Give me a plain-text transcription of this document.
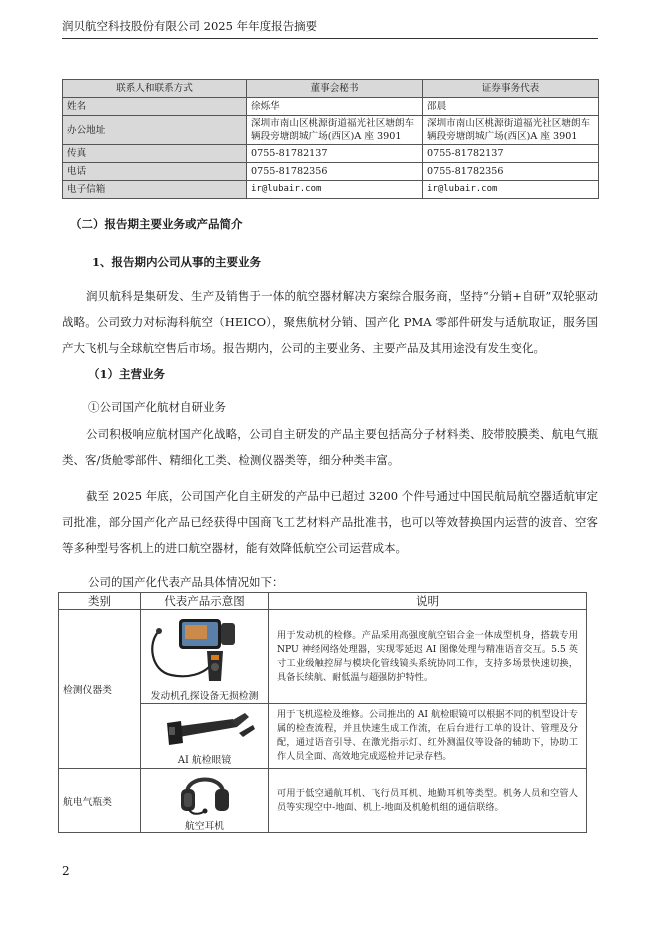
润贝航空科技股份有限公司 2025 年年度报告摘要
联系人和联系方式	董事会秘书	证券事务代表
姓名	徐烁华	邵晨
办公地址	深圳市南山区桃源街道福光社区塘朗车辆段旁塘朗城广场(西区)A 座 3901	深圳市南山区桃源街道福光社区塘朗车辆段旁塘朗城广场(西区)A 座 3901
传真	0755-81782137	0755-81782137
电话	0755-81782356	0755-81782356
电子信箱	ir@lubair.com	ir@lubair.com
（二）报告期主要业务或产品简介
1、报告期内公司从事的主要业务

润贝航科是集研发、生产及销售于一体的航空器材解决方案综合服务商，坚持“分销+自研”双轮驱动战略。公司致力对标海科航空（HEICO），聚焦航材分销、国产化 PMA 零部件研发与适航取证，服务国产大飞机与全球航空售后市场。报告期内，公司的主要业务、主要产品及其用途没有发生变化。

（1）主营业务
①公司国产化航材自研业务

公司积极响应航材国产化战略，公司自主研发的产品主要包括高分子材料类、胶带胶膜类、航电气瓶类、客/货舱零部件、精细化工类、检测仪器类等，细分种类丰富。

截至 2025 年底，公司国产化自主研发的产品中已超过 3200 个件号通过中国民航局航空器适航审定司批准，部分国产化产品已经获得中国商飞工艺材料产品批准书，也可以等效替换国内运营的波音、空客等多种型号客机上的进口航空器材，能有效降低航空公司运营成本。

公司的国产化代表产品具体情况如下：
类别	代表产品示意图	说明
检测仪器类	发动机孔探设备无损检测	用于发动机的检修。产品采用高强度航空铝合金一体成型机身，搭载专用 NPU 神经网络处理器，实现零延迟 AI 图像处理与精准语音交互。5.5 英寸工业级触控屏与模块化管线镜头系统协同工作，支持多场景快速切换，具备长续航、耐低温与超强防护特性。

	AI 航检眼镜	用于飞机巡检及维修。公司推出的 AI 航检眼镜可以根据不同的机型设计专属的检查流程，并且快速生成工作流，在后台进行工单的设计、管理及分配，通过语音引导、在激光指示灯、红外测温仪等设备的辅助下，协助工作人员全面、高效地完成巡检并记录存档。
航电气瓶类	航空耳机	可用于低空通航耳机、飞行员耳机、地勤耳机等类型。机务人员和空管人员等实现空中-地面、机上-地面及机舱机组的通信联络。
2
